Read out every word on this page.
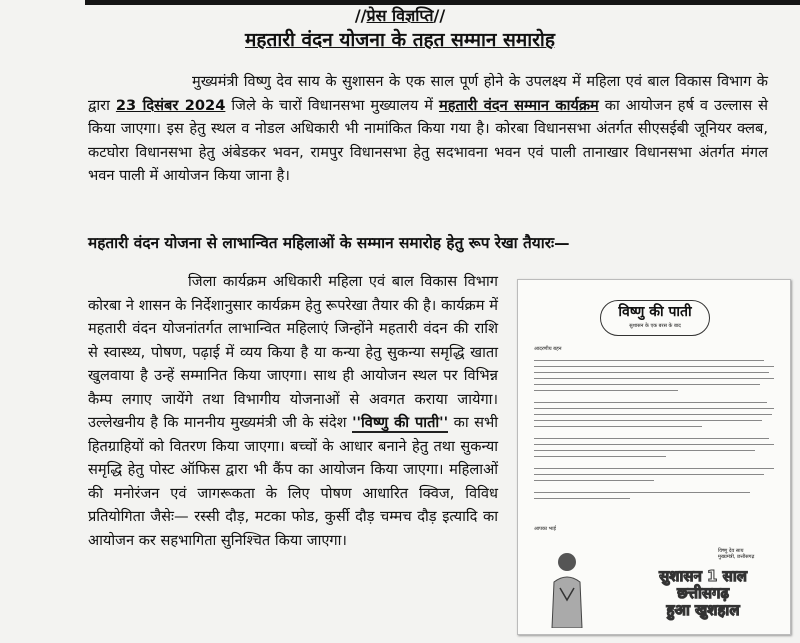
//प्रेस विज्ञप्ति//
महतारी वंदन योजना के तहत सम्मान समारोह
मुख्यमंत्री विष्णु देव साय के सुशासन के एक साल पूर्ण होने के उपलक्ष्य में महिला एवं बाल विकास विभाग के द्वारा 23 दिसंबर 2024 जिले के चारों विधानसभा मुख्यालय में महतारी वंदन सम्मान कार्यक्रम का आयोजन हर्ष व उल्लास से किया जाएगा। इस हेतु स्थल व नोडल अधिकारी भी नामांकित किया गया है। कोरबा विधानसभा अंतर्गत सीएसईबी जूनियर क्लब, कटघोरा विधानसभा हेतु अंबेडकर भवन, रामपुर विधानसभा हेतु सदभावना भवन एवं पाली तानाखार विधानसभा अंतर्गत मंगल भवन पाली में आयोजन किया जाना है।
महतारी वंदन योजना से लाभान्वित महिलाओं के सम्मान समारोह हेतु रूप रेखा तैयारः—
जिला कार्यक्रम अधिकारी महिला एवं बाल विकास विभाग कोरबा ने शासन के निर्देशानुसार कार्यक्रम हेतु रूपरेखा तैयार की है। कार्यक्रम में महतारी वंदन योजनांतर्गत लाभान्वित महिलाएं जिन्होंने महतारी वंदन की राशि से स्वास्थ्य, पोषण, पढ़ाई में व्यय किया है या कन्या हेतु सुकन्या समृद्धि खाता खुलवाया है उन्हें सम्मानित किया जाएगा। साथ ही आयोजन स्थल पर विभिन्न कैम्प लगाए जायेंगे तथा विभागीय योजनाओं से अवगत कराया जायेगा। उल्लेखनीय है कि माननीय मुख्यमंत्री जी के संदेश ''विष्णु की पाती'' का सभी हितग्राहियों को वितरण किया जाएगा। बच्चों के आधार बनाने हेतु तथा सुकन्या समृद्धि हेतु पोस्ट ऑफिस द्वारा भी कैंप का आयोजन किया जाएगा। महिलाओं की मनोरंजन एवं जागरूकता के लिए पोषण आधारित क्विज, विविध प्रतियोगिता जैसेः— रस्सी दौड़, मटका फोड, कुर्सी दौड़ चम्मच दौड़ इत्यादि का आयोजन कर सहभागिता सुनिश्चित किया जाएगा।
विष्णु की पाती
सुशासन के एक बरस के बाद
आदरणीय बहन
आपका भाई
विष्णु देव साय
मुख्यमंत्री, छत्तीसगढ़
सुशासन 1 साल
छत्तीसगढ़
हुआ खुशहाल
